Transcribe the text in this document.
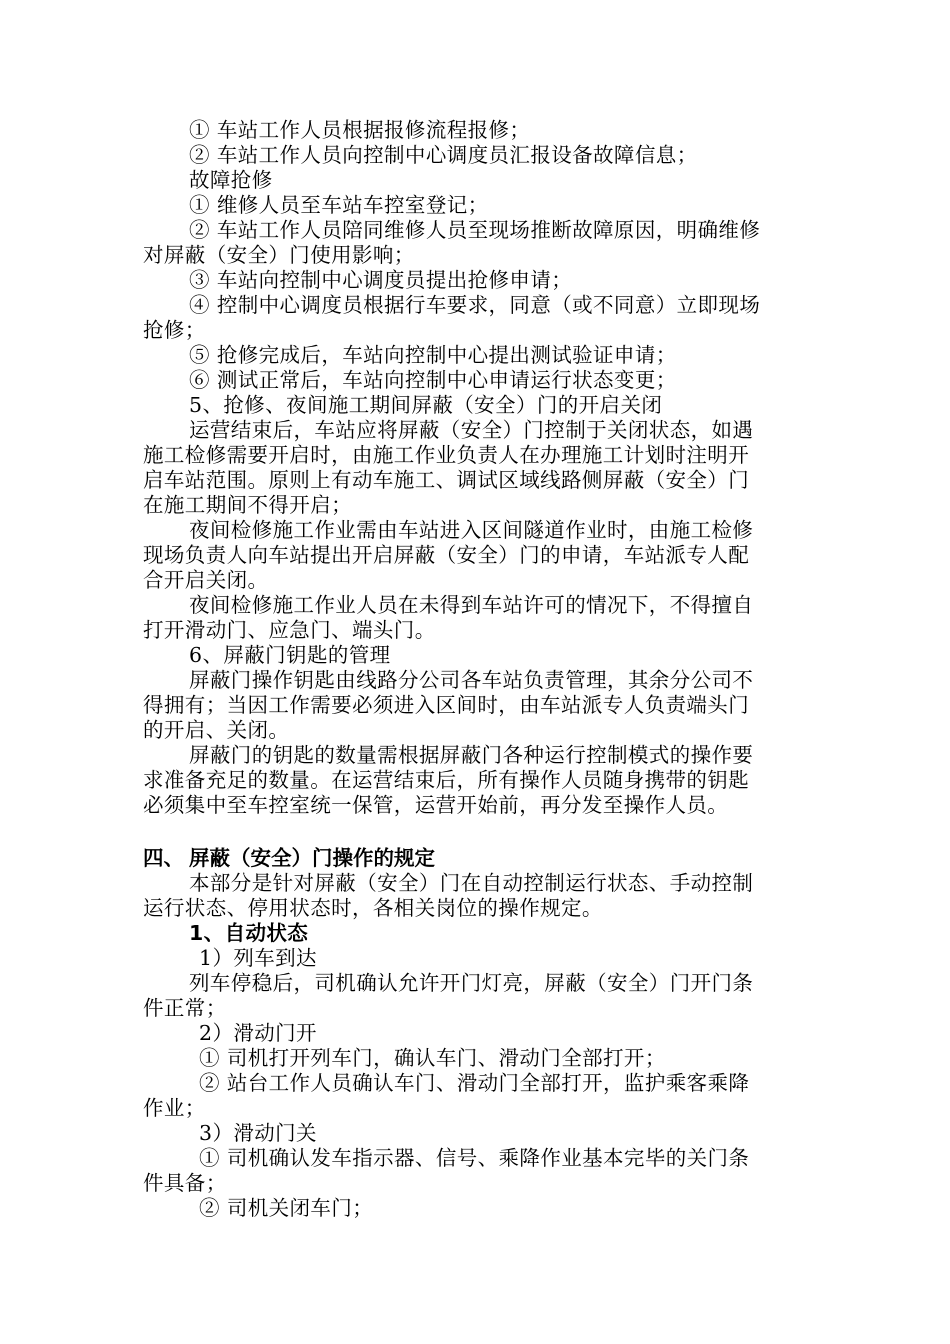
① 车站工作人员根据报修流程报修；
② 车站工作人员向控制中心调度员汇报设备故障信息；
故障抢修
① 维修人员至车站车控室登记；
② 车站工作人员陪同维修人员至现场推断故障原因，明确维修
对屏蔽（安全）门使用影响；
③ 车站向控制中心调度员提出抢修申请；
④ 控制中心调度员根据行车要求，同意（或不同意）立即现场
抢修；
⑤ 抢修完成后，车站向控制中心提出测试验证申请；
⑥ 测试正常后，车站向控制中心申请运行状态变更；
5、抢修、夜间施工期间屏蔽（安全）门的开启关闭
运营结束后，车站应将屏蔽（安全）门控制于关闭状态，如遇
施工检修需要开启时，由施工作业负责人在办理施工计划时注明开
启车站范围。原则上有动车施工、调试区域线路侧屏蔽（安全）门
在施工期间不得开启；
夜间检修施工作业需由车站进入区间隧道作业时，由施工检修
现场负责人向车站提出开启屏蔽（安全）门的申请，车站派专人配
合开启关闭。
夜间检修施工作业人员在未得到车站许可的情况下，不得擅自
打开滑动门、应急门、端头门。
6、屏蔽门钥匙的管理
屏蔽门操作钥匙由线路分公司各车站负责管理，其余分公司不
得拥有；当因工作需要必须进入区间时，由车站派专人负责端头门
的开启、关闭。
屏蔽门的钥匙的数量需根据屏蔽门各种运行控制模式的操作要
求准备充足的数量。在运营结束后，所有操作人员随身携带的钥匙
必须集中至车控室统一保管，运营开始前，再分发至操作人员。
四、 屏蔽（安全）门操作的规定
本部分是针对屏蔽（安全）门在自动控制运行状态、手动控制
运行状态、停用状态时，各相关岗位的操作规定。
1、自动状态
1）列车到达
列车停稳后，司机确认允许开门灯亮，屏蔽（安全）门开门条
件正常；
2）滑动门开
① 司机打开列车门，确认车门、滑动门全部打开；
② 站台工作人员确认车门、滑动门全部打开，监护乘客乘降
作业；
3）滑动门关
① 司机确认发车指示器、信号、乘降作业基本完毕的关门条
件具备；
② 司机关闭车门；
